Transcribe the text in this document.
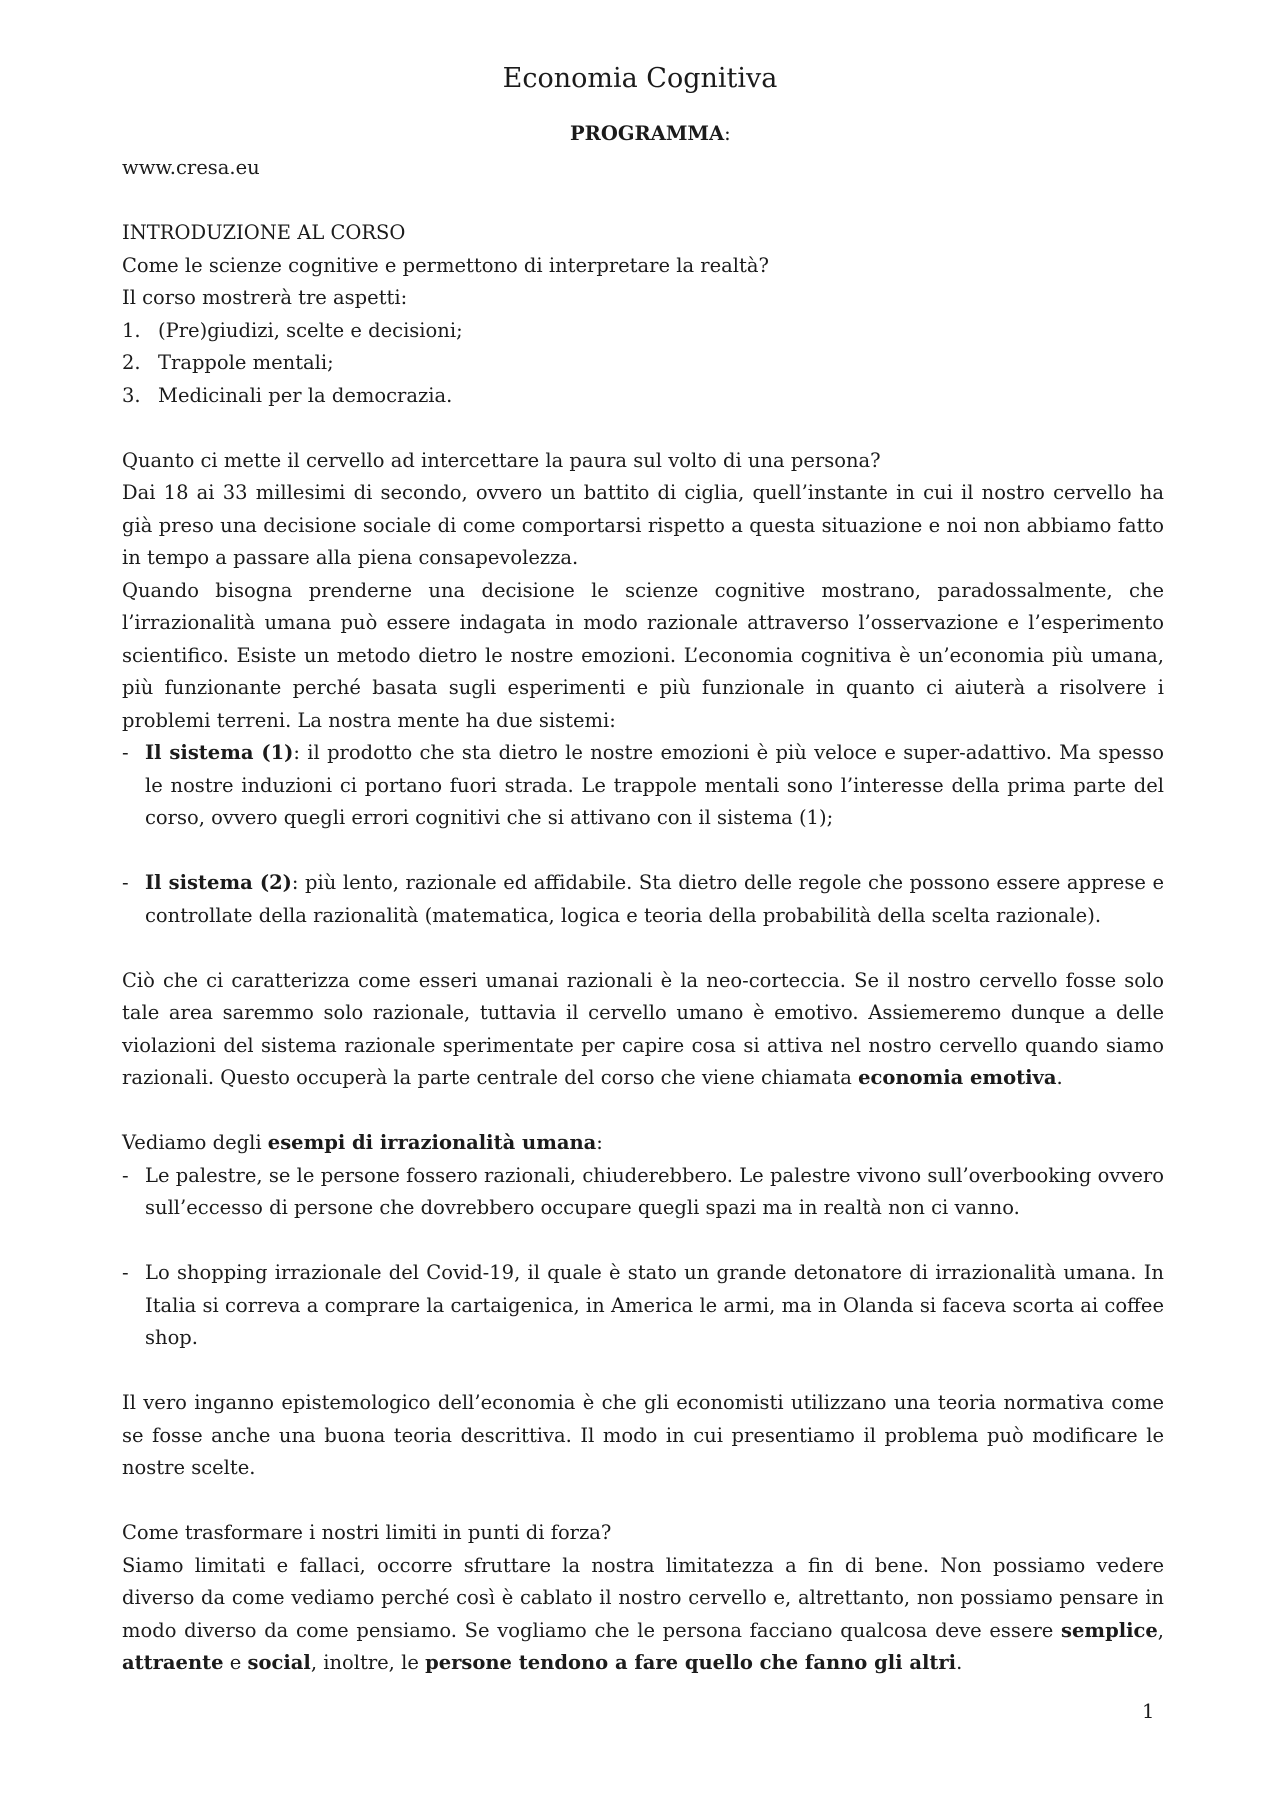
Economia Cognitiva
PROGRAMMA:

www.cresa.eu

INTRODUZIONE AL CORSO

Come le scienze cognitive e permettono di interpretare la realtà?

Il corso mostrerà tre aspetti:

1. (Pre)giudizi, scelte e decisioni;
2. Trappole mentali;
3. Medicinali per la democrazia.

Quanto ci mette il cervello ad intercettare la paura sul volto di una persona?

Dai 18 ai 33 millesimi di secondo, ovvero un battito di ciglia, quell’instante in cui il nostro cervello ha già preso una decisione sociale di come comportarsi rispetto a questa situazione e noi non abbiamo fatto in tempo a passare alla piena consapevolezza.

Quando bisogna prenderne una decisione le scienze cognitive mostrano, paradossalmente, che l’irrazionalità umana può essere indagata in modo razionale attraverso l’osservazione e l’esperimento scientifico. Esiste un metodo dietro le nostre emozioni. L’economia cognitiva è un’economia più umana, più funzionante perché basata sugli esperimenti e più funzionale in quanto ci aiuterà a risolvere i problemi terreni. La nostra mente ha due sistemi:

- Il sistema (1): il prodotto che sta dietro le nostre emozioni è più veloce e super-adattivo. Ma spesso le nostre induzioni ci portano fuori strada. Le trappole mentali sono l’interesse della prima parte del corso, ovvero quegli errori cognitivi che si attivano con il sistema (1);
- Il sistema (2): più lento, razionale ed affidabile. Sta dietro delle regole che possono essere apprese e controllate della razionalità (matematica, logica e teoria della probabilità della scelta razionale).

Ciò che ci caratterizza come esseri umanai razionali è la neo-corteccia. Se il nostro cervello fosse solo tale area saremmo solo razionale, tuttavia il cervello umano è emotivo. Assiemeremo dunque a delle violazioni del sistema razionale sperimentate per capire cosa si attiva nel nostro cervello quando siamo razionali. Questo occuperà la parte centrale del corso che viene chiamata economia emotiva.

Vediamo degli esempi di irrazionalità umana:

- Le palestre, se le persone fossero razionali, chiuderebbero. Le palestre vivono sull’overbooking ovvero sull’eccesso di persone che dovrebbero occupare quegli spazi ma in realtà non ci vanno.
- Lo shopping irrazionale del Covid-19, il quale è stato un grande detonatore di irrazionalità umana. In Italia si correva a comprare la cartaigenica, in America le armi, ma in Olanda si faceva scorta ai coffee shop.

Il vero inganno epistemologico dell’economia è che gli economisti utilizzano una teoria normativa come se fosse anche una buona teoria descrittiva. Il modo in cui presentiamo il problema può modificare le nostre scelte.

Come trasformare i nostri limiti in punti di forza?

Siamo limitati e fallaci, occorre sfruttare la nostra limitatezza a fin di bene. Non possiamo vedere diverso da come vediamo perché così è cablato il nostro cervello e, altrettanto, non possiamo pensare in modo diverso da come pensiamo. Se vogliamo che le persona facciano qualcosa deve essere semplice, attraente e social, inoltre, le persone tendono a fare quello che fanno gli altri.

1
